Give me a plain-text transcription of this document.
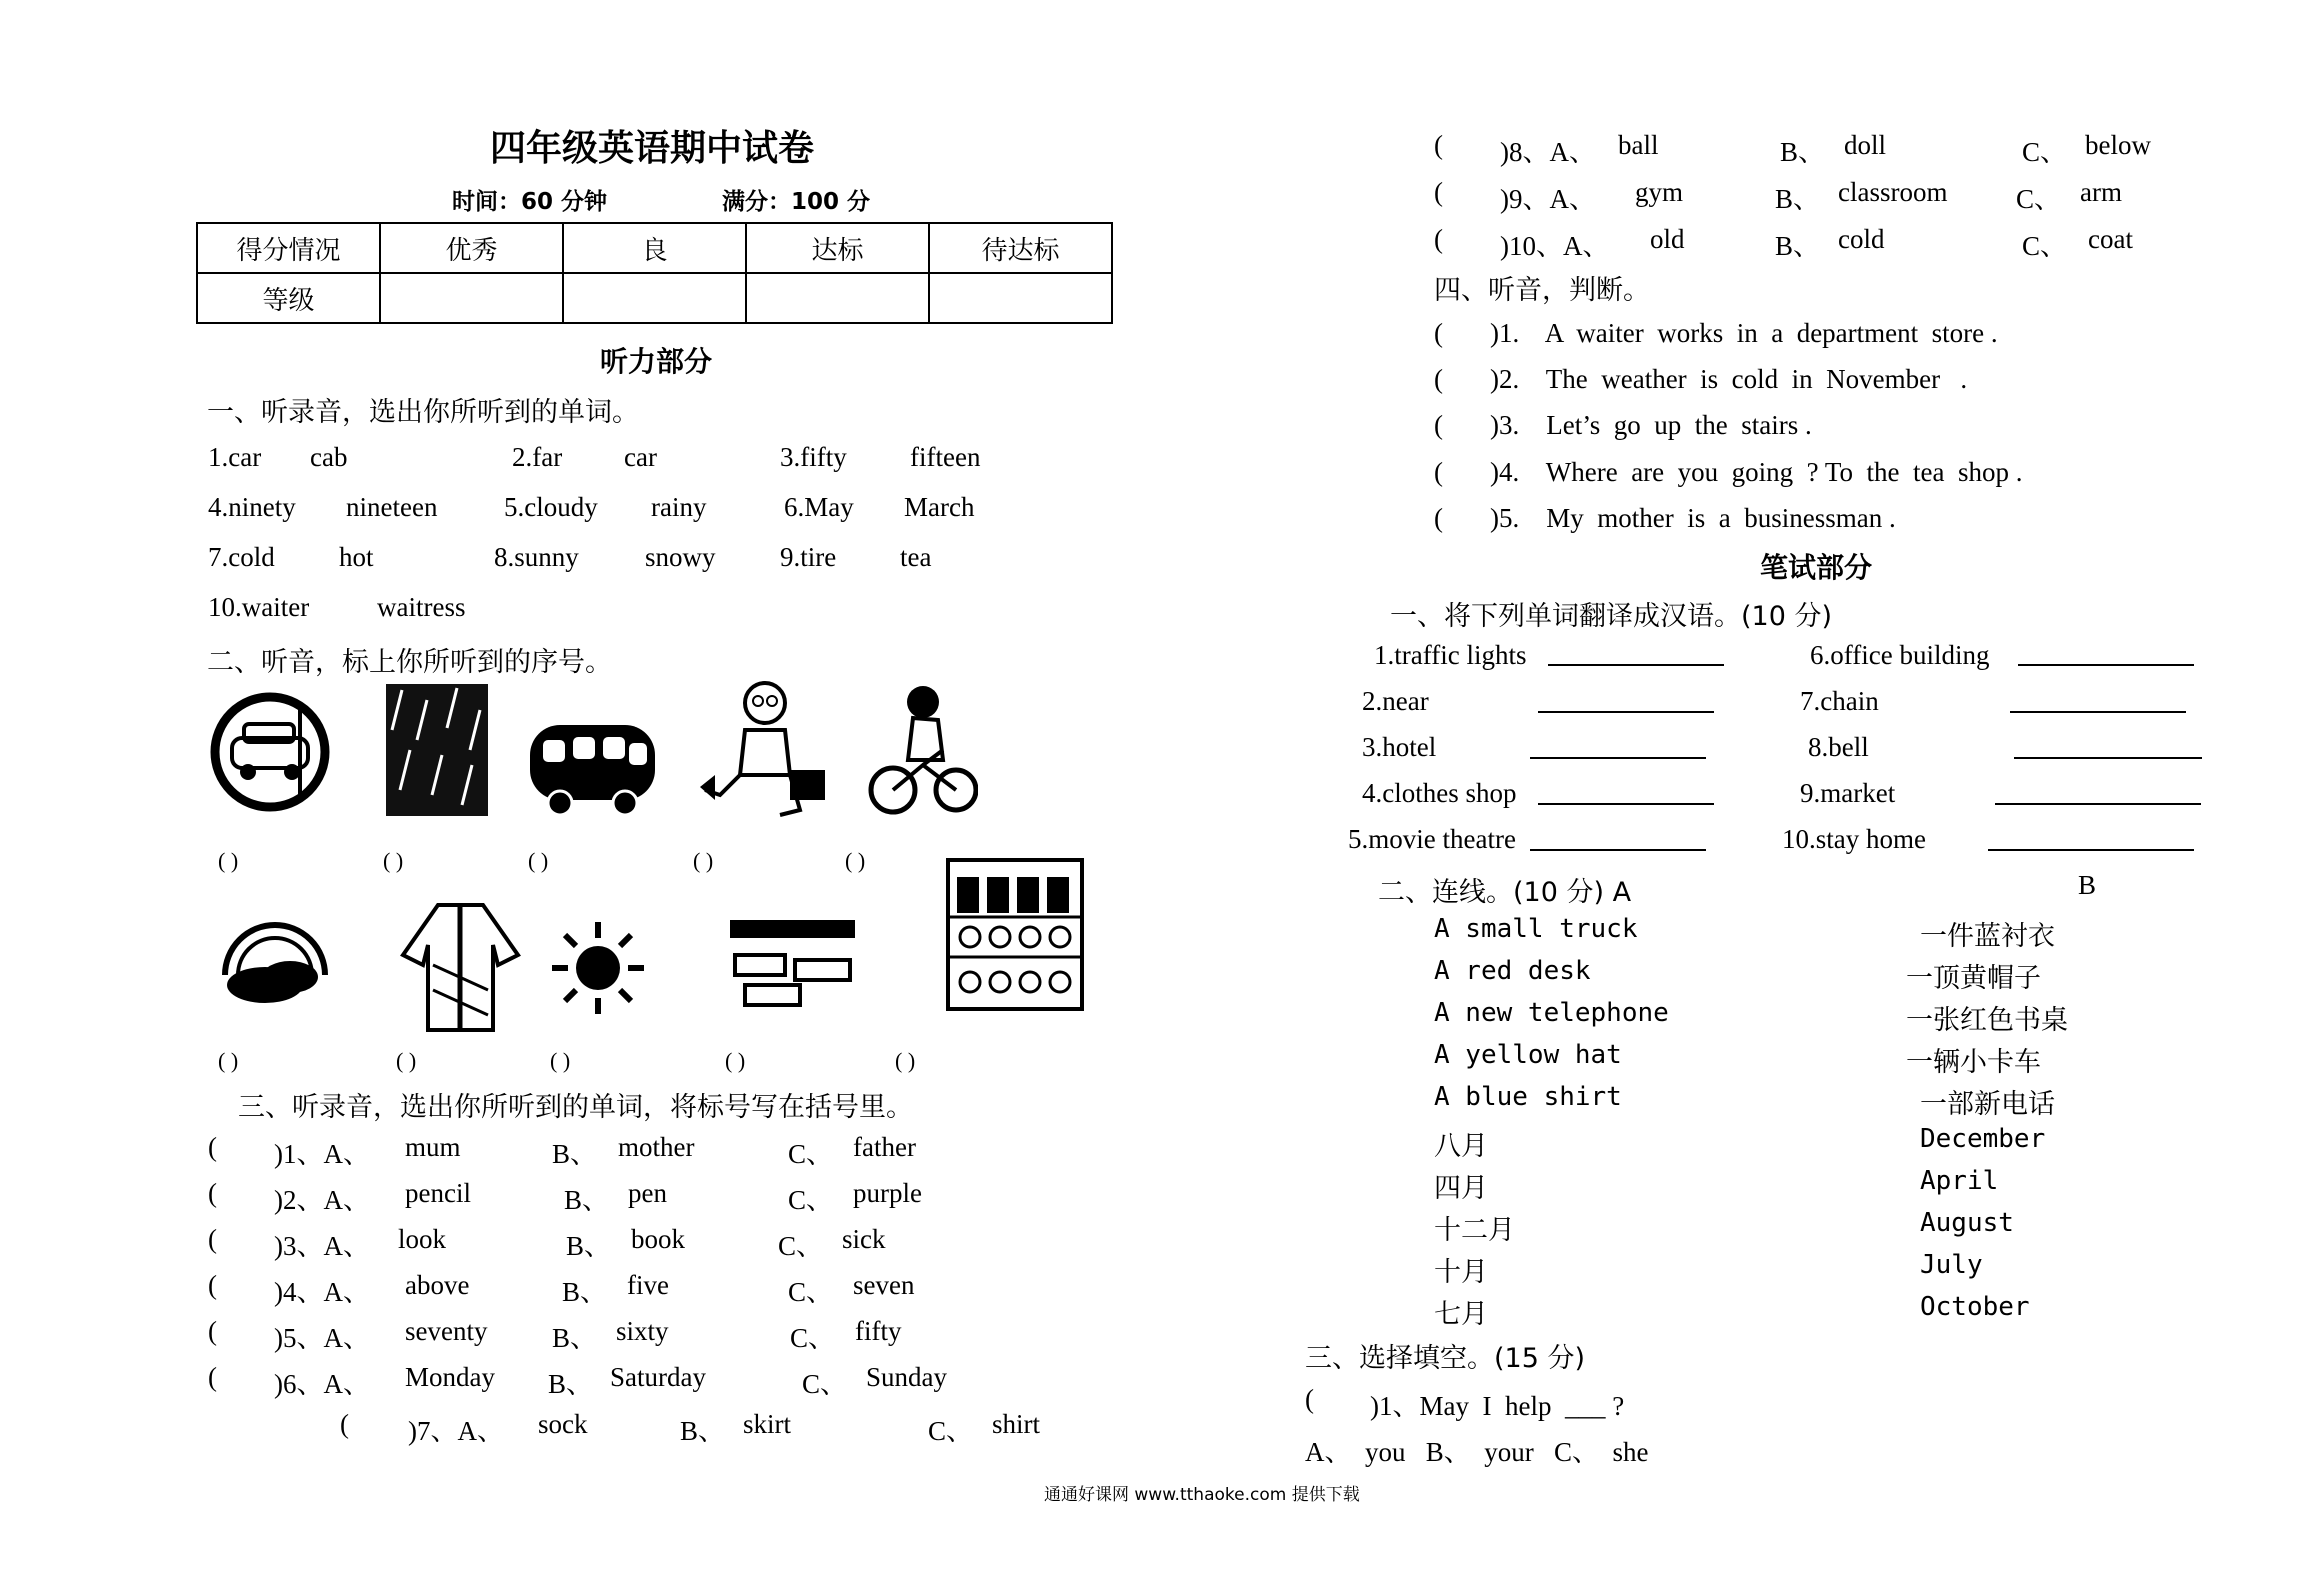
四年级英语期中试卷
时间：60 分钟	满分：100 分
得分情况	优秀	良	达标	待达标
等级				
听力部分
一、听录音，选出你所听到的单词。
1.car cab	2.far car	3.fifty fifteen
4.ninety nineteen 5.cloudy rainy	6.May March
7.cold hot	8.sunny snowy 9.tire tea
10.waiter	waitress
二、听音，标上你所听到的序号。
( )	( )	( )	( )	( )
( )	( )	( )	( )	( )
三、听录音，选出你所听到的单词，将标号写在括号里。
( )1、A、 mum	B、 mother	C、 father
( )2、A、 pencil	B、 pen	C、 purple
( )3、A、 look	B、 book	C、 sick
( )4、A、 above	B、 five	C、 seven
( )5、A、 seventy B、 sixty	C、 fifty
( )6、A、 Monday B、 Saturday	C、 Sunday
( )7、A、 sock	B、 skirt	C、 shirt
( )8、A、 ball	B、 doll	C、 below
( )9、A、 gym	B、 classroom	C、 arm
( )10、A、 old	B、 cold	C、 coat
四、听音，判断。
( )1.    A  waiter  works  in  a  department  store .
( )2.    The  weather  is  cold  in  November   .
( )3.    Let’s  go  up  the  stairs .
( )4.    Where  are  you  going  ? To  the  tea  shop .
( )5.    My  mother  is  a  businessman .
笔试部分
一、将下列单词翻译成汉语。(10 分)
1.traffic lights	6.office building
2.near	7.chain
3.hotel	8.bell
4.clothes shop	9.market
5.movie theatre	10.stay home
二、连线。(10 分) A	B
A small truck
A red desk
A new telephone
A yellow hat
A blue shirt
八月
四月
十二月
十月
七月
一件蓝衬衣
一顶黄帽子
一张红色书桌
一辆小卡车
一部新电话
December
April
August
July
October
三、选择填空。(15 分)
( )1、May  I  help  ___ ?
A、  you   B、  your   C、  she
通通好课网 www.tthaoke.com 提供下载
